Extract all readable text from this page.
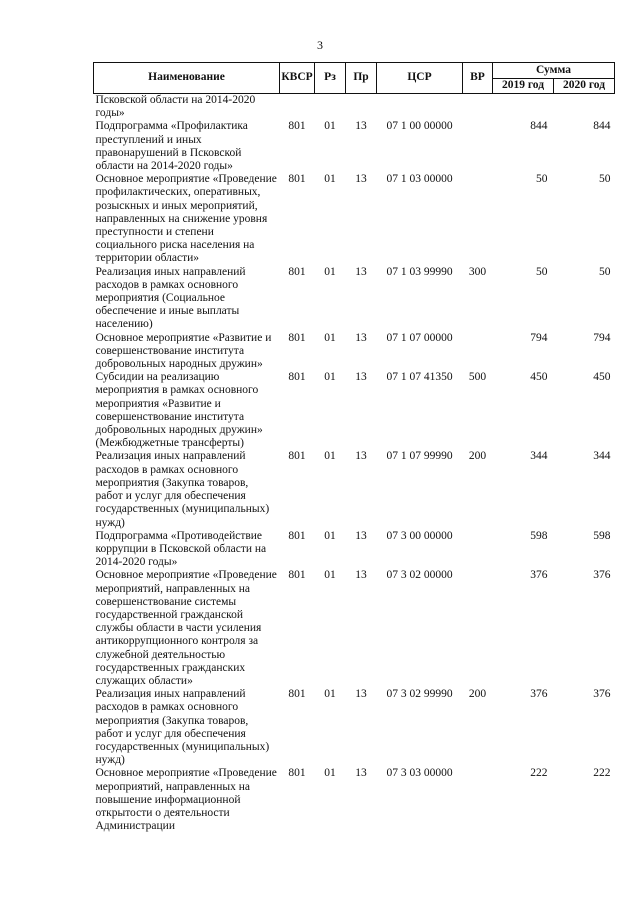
3
Наименование	КВСР	Рз	Пр	ЦСР	ВР	Сумма	
						2019 год	2020 год
Псковской области на 2014-2020 годы»							
Подпрограмма «Профилактика преступлений и иных правонарушений в Псковской области на 2014-2020 годы»	801	01	13	07 1 00 00000		844	844
Основное мероприятие «Проведение профилактических, оперативных, розыскных и иных мероприятий, направленных на снижение уровня преступности и степени социального риска населения на территории области»	801	01	13	07 1 03 00000		50	50
Реализация иных направлений расходов в рамках основного мероприятия (Социальное обеспечение и иные выплаты населению)	801	01	13	07 1 03 99990	300	50	50
Основное мероприятие «Развитие и совершенствование института добровольных народных дружин»	801	01	13	07 1 07 00000		794	794
Субсидии на реализацию мероприятия в рамках основного мероприятия «Развитие и совершенствование института добровольных народных дружин» (Межбюджетные трансферты)	801	01	13	07 1 07 41350	500	450	450
Реализация иных направлений расходов в рамках основного мероприятия (Закупка товаров, работ и услуг для обеспечения государственных (муниципальных) нужд)	801	01	13	07 1 07 99990	200	344	344
Подпрограмма «Противодействие коррупции в Псковской области на 2014-2020 годы»	801	01	13	07 3 00 00000		598	598
Основное мероприятие «Проведение мероприятий, направленных на совершенствование системы государственной гражданской службы области в части усиления антикоррупционного контроля за служебной деятельностью государственных гражданских служащих области»	801	01	13	07 3 02 00000		376	376
Реализация иных направлений расходов в рамках основного мероприятия (Закупка товаров, работ и услуг для обеспечения государственных (муниципальных) нужд)	801	01	13	07 3 02 99990	200	376	376
Основное мероприятие «Проведение мероприятий, направленных на повышение информационной открытости о деятельности Администрации	801	01	13	07 3 03 00000		222	222
